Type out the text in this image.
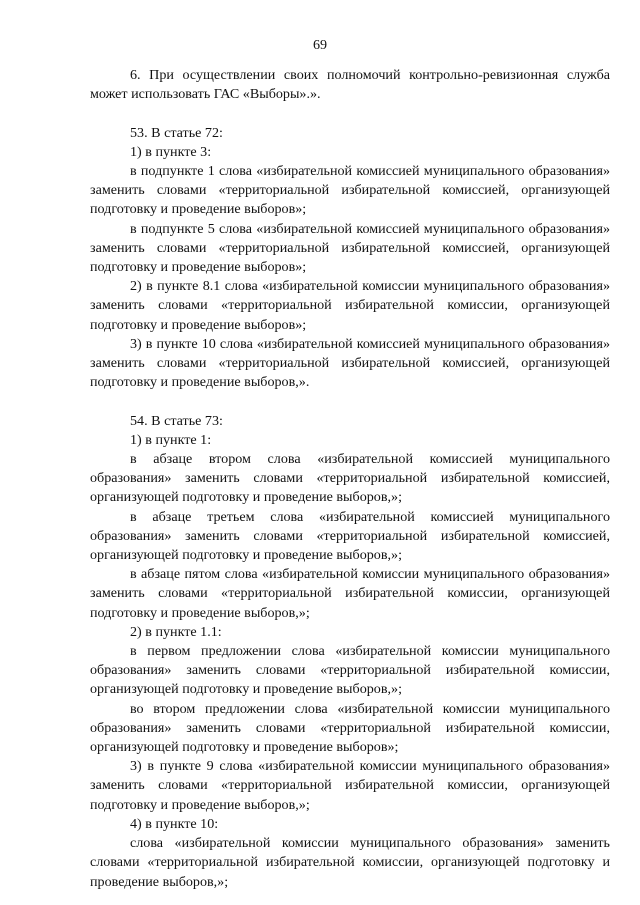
69

6. При осуществлении своих полномочий контрольно-ревизионная служба может использовать ГАС «Выборы».».

53. В статье 72:

1) в пункте 3:

в подпункте 1 слова «избирательной комиссией муниципального образования» заменить словами «территориальной избирательной комиссией, организующей подготовку и проведение выборов»;

в подпункте 5 слова «избирательной комиссией муниципального образования» заменить словами «территориальной избирательной комиссией, организующей подготовку и проведение выборов»;

2) в пункте 8.1 слова «избирательной комиссии муниципального образования» заменить словами «территориальной избирательной комиссии, организующей подготовку и проведение выборов»;

3) в пункте 10 слова «избирательной комиссией муниципального образования» заменить словами «территориальной избирательной комиссией, организующей подготовку и проведение выборов,».

54. В статье 73:

1) в пункте 1:

в абзаце втором слова «избирательной комиссией муниципального образования» заменить словами «территориальной избирательной комиссией, организующей подготовку и проведение выборов,»;

в абзаце третьем слова «избирательной комиссией муниципального образования» заменить словами «территориальной избирательной комиссией, организующей подготовку и проведение выборов,»;

в абзаце пятом слова «избирательной комиссии муниципального образования» заменить словами «территориальной избирательной комиссии, организующей подготовку и проведение выборов,»;

2) в пункте 1.1:

в первом предложении слова «избирательной комиссии муниципального образования» заменить словами «территориальной избирательной комиссии, организующей подготовку и проведение выборов,»;

во втором предложении слова «избирательной комиссии муниципального образования» заменить словами «территориальной избирательной комиссии, организующей подготовку и проведение выборов»;

3) в пункте 9 слова «избирательной комиссии муниципального образования» заменить словами «территориальной избирательной комиссии, организующей подготовку и проведение выборов,»;

4) в пункте 10:

слова «избирательной комиссии муниципального образования» заменить словами «территориальной избирательной комиссии, организующей подготовку и проведение выборов,»;
